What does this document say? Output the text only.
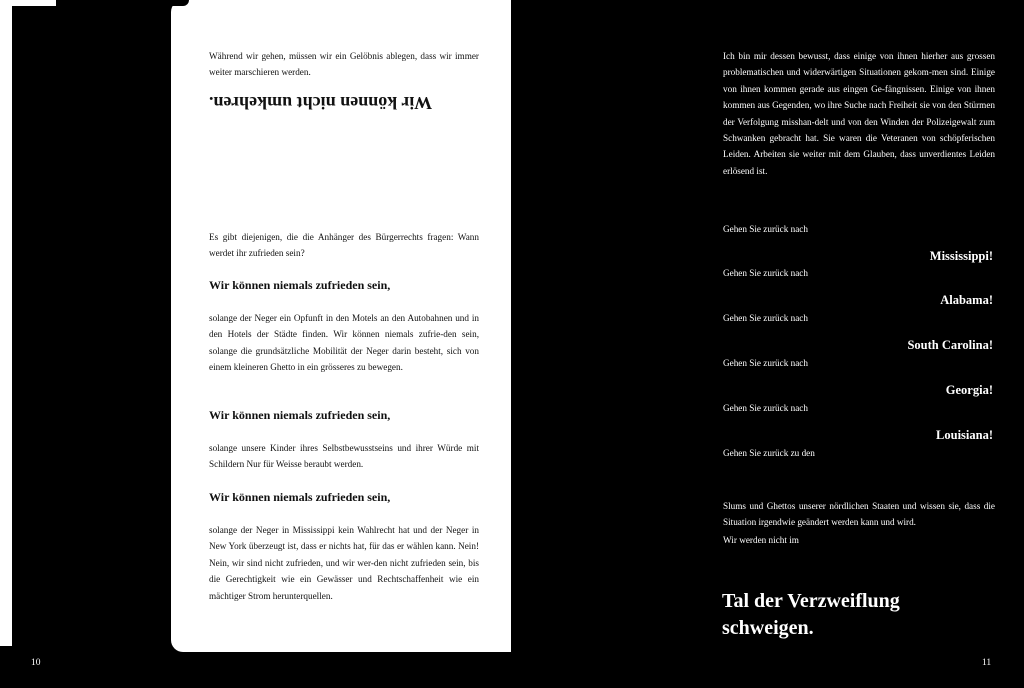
Während wir gehen, müssen wir ein Gelöbnis ablegen, dass wir immer weiter marschieren werden.

Wir können nicht umkehren.

Es gibt diejenigen, die die Anhänger des Bürgerrechts fragen: Wann werdet ihr zufrieden sein?

Wir können niemals zufrieden sein,

solange der Neger ein Opfunft in den Motels an den Autobahnen und in den Hotels der Städte finden. Wir können niemals zufrie-den sein, solange die grundsätzliche Mobilität der Neger darin besteht, sich von einem kleineren Ghetto in ein grösseres zu bewegen.

Wir können niemals zufrieden sein,

solange unsere Kinder ihres Selbstbewusstseins und ihrer Würde mit Schildern Nur für Weisse beraubt werden.

Wir können niemals zufrieden sein,

solange der Neger in Mississippi kein Wahlrecht hat und der Neger in New York überzeugt ist, dass er nichts hat, für das er wählen kann. Nein! Nein, wir sind nicht zufrieden, und wir wer-den nicht zufrieden sein, bis die Gerechtigkeit wie ein Gewässer und Rechtschaffenheit wie ein mächtiger Strom herunterquellen.

10

Ich bin mir dessen bewusst, dass einige von ihnen hierher aus grossen problematischen und widerwärtigen Situationen gekom-men sind. Einige von ihnen kommen gerade aus eingen Ge-fängnissen. Einige von ihnen kommen aus Gegenden, wo ihre Suche nach Freiheit sie von den Stürmen der Verfolgung misshan-delt und von den Winden der Polizeigewalt zum Schwanken gebracht hat. Sie waren die Veteranen von schöpferischen Leiden. Arbeiten sie weiter mit dem Glauben, dass unverdientes Leiden erlösend ist.

Gehen Sie zurück nach
Mississippi!
Gehen Sie zurück nach
Alabama!
Gehen Sie zurück nach
South Carolina!
Gehen Sie zurück nach
Georgia!
Gehen Sie zurück nach
Louisiana!
Gehen Sie zurück zu den

Slums und Ghettos unserer nördlichen Staaten und wissen sie, dass die Situation irgendwie geändert werden kann und wird.

Wir werden nicht im
Tal der Verzweiflung
schweigen.
11
